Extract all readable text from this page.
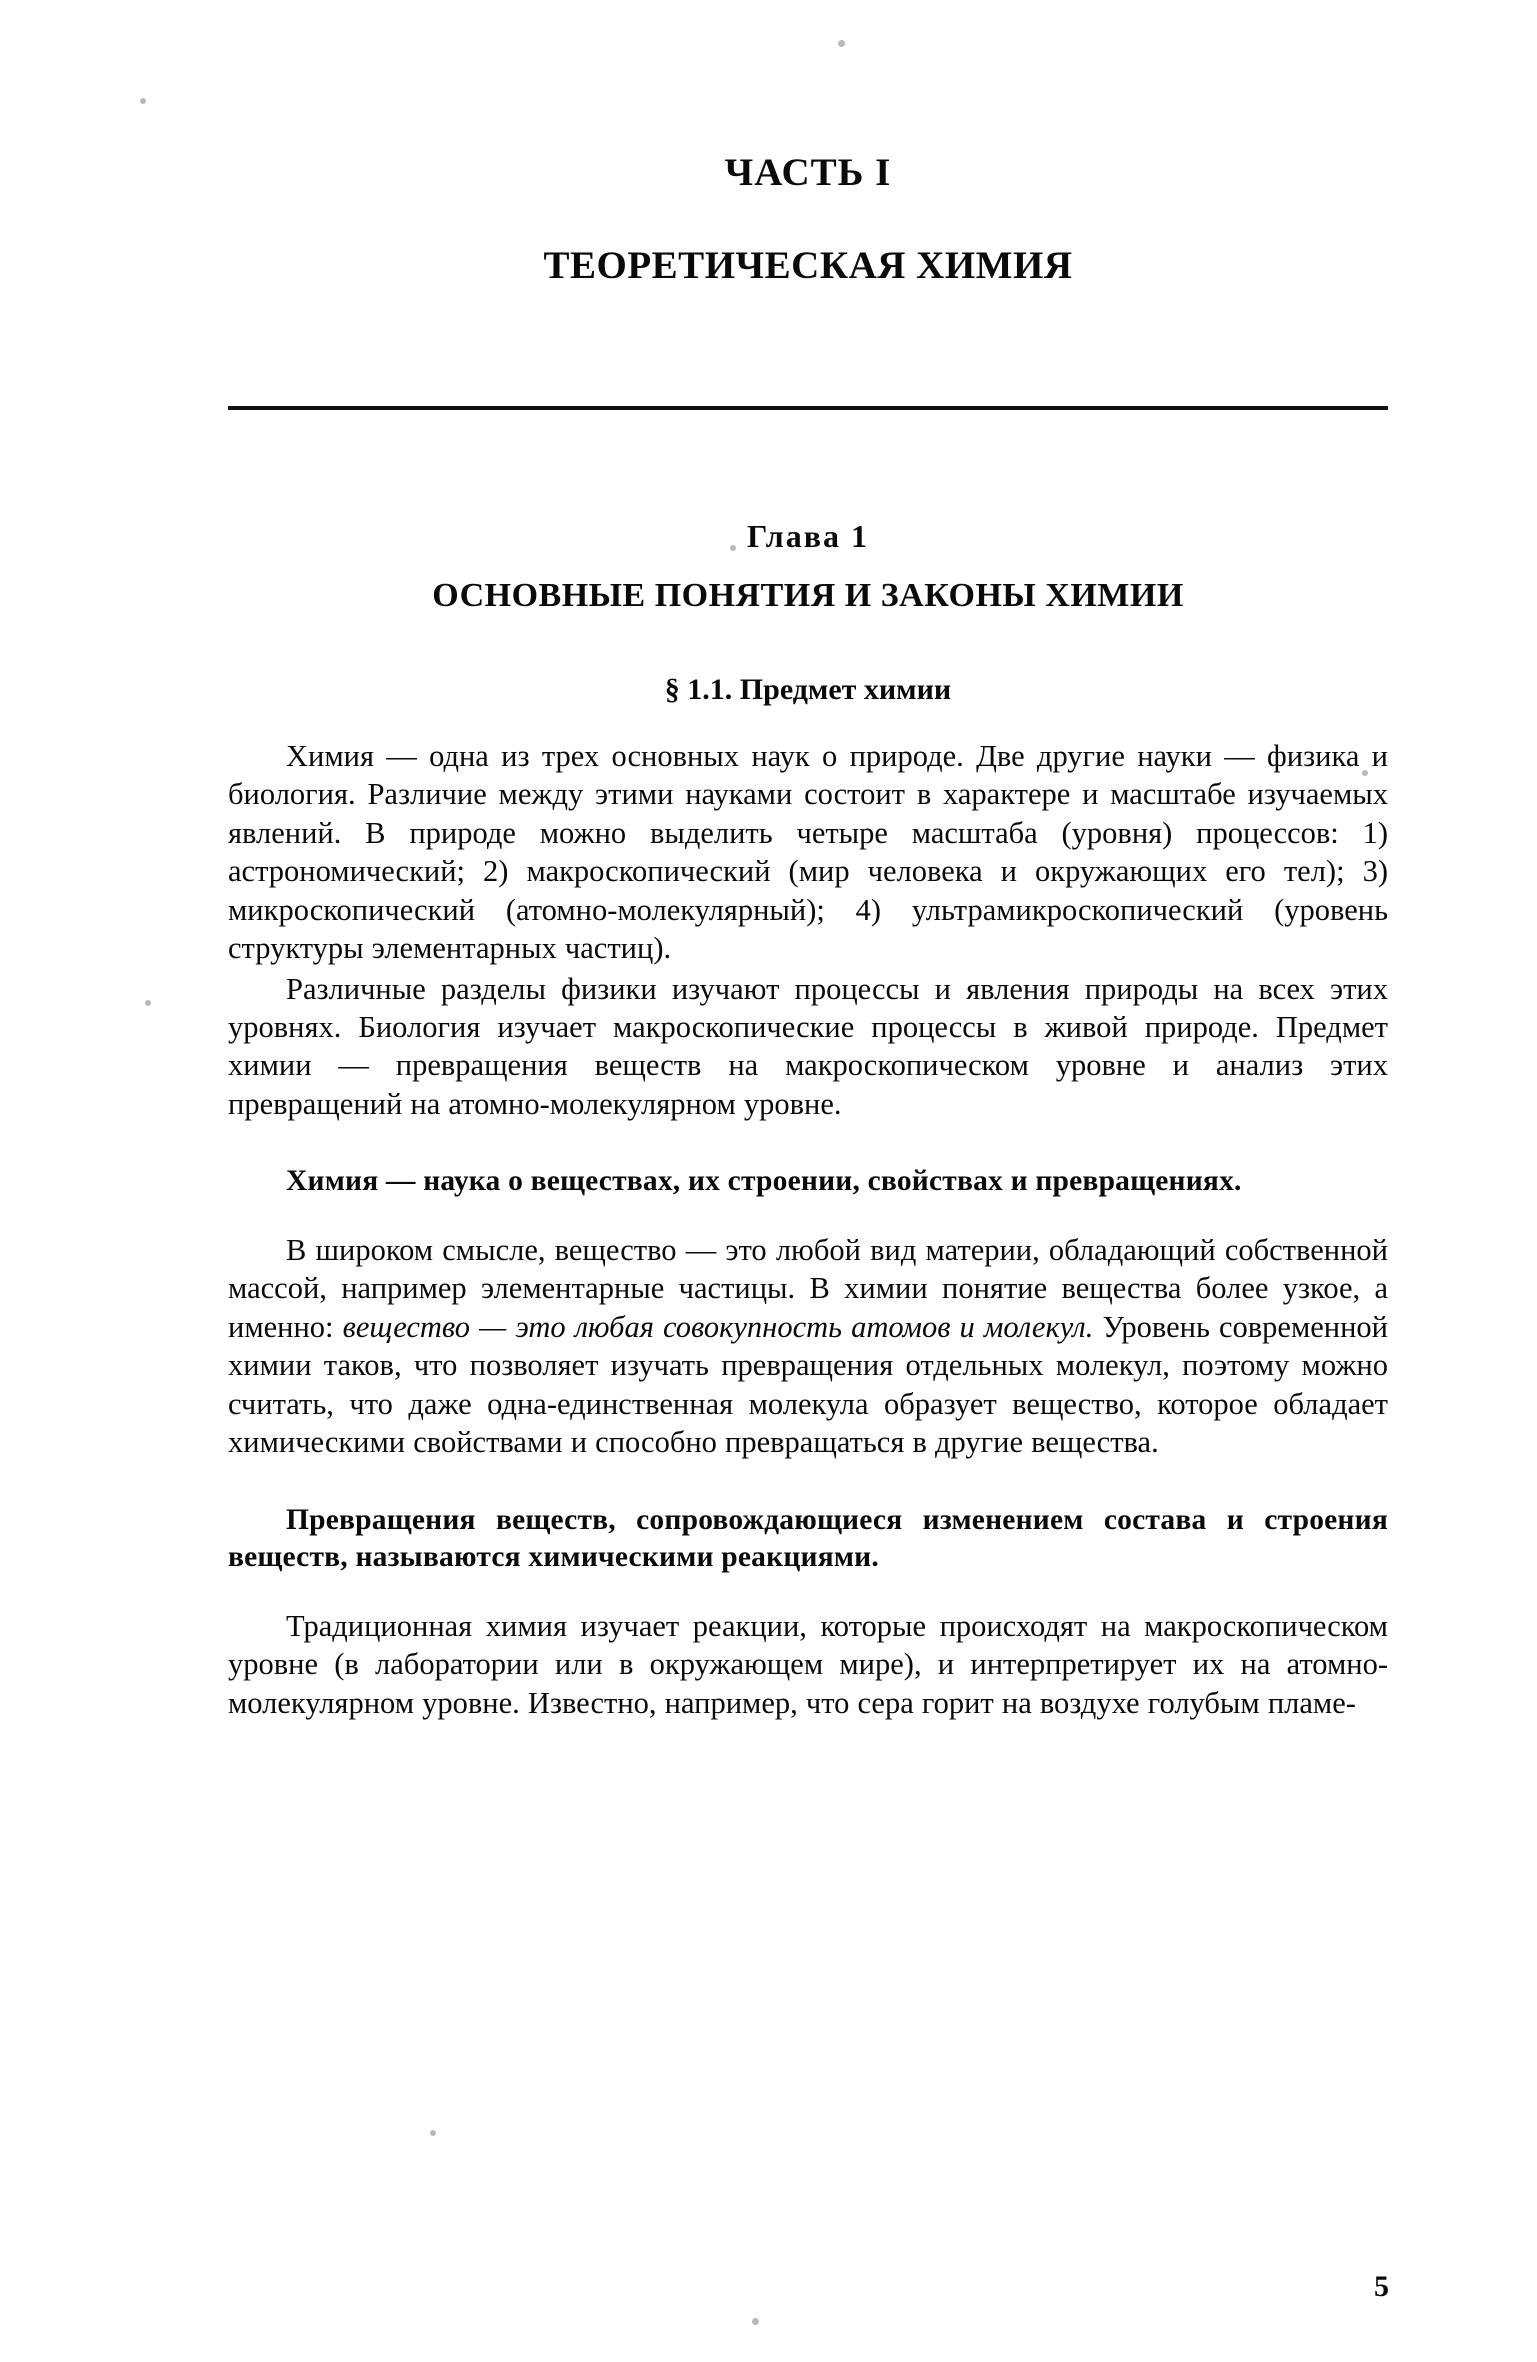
ЧАСТЬ I
ТЕОРЕТИЧЕСКАЯ ХИМИЯ
Глава 1
ОСНОВНЫЕ ПОНЯТИЯ И ЗАКОНЫ ХИМИИ
§ 1.1. Предмет химии

Химия — одна из трех основных наук о природе. Две другие науки — физика и биология. Различие между этими науками состоит в характере и масштабе изучаемых явлений. В природе можно выделить четыре масштаба (уровня) процессов: 1) астрономический; 2) макроскопический (мир человека и окружающих его тел); 3) микроскопический (атомно-молекулярный); 4) ультрамикроскопический (уровень структуры элементарных частиц).

Различные разделы физики изучают процессы и явления природы на всех этих уровнях. Биология изучает макроскопические процессы в живой природе. Предмет химии — превращения веществ на макроскопическом уровне и анализ этих превращений на атомно-молекулярном уровне.

Химия — наука о веществах, их строении, свойствах и превращениях.

В широком смысле, вещество — это любой вид материи, обладающий собственной массой, например элементарные частицы. В химии понятие вещества более узкое, а именно: вещество — это любая совокупность атомов и молекул. Уровень современной химии таков, что позволяет изучать превращения отдельных молекул, поэтому можно считать, что даже одна-единственная молекула образует вещество, которое обладает химическими свойствами и способно превращаться в другие вещества.

Превращения веществ, сопровождающиеся изменением состава и строения веществ, называются химическими реакциями.

Традиционная химия изучает реакции, которые происходят на макроскопическом уровне (в лаборатории или в окружающем мире), и интерпретирует их на атомно-молекулярном уровне. Известно, например, что сера горит на воздухе голубым пламе-

5
